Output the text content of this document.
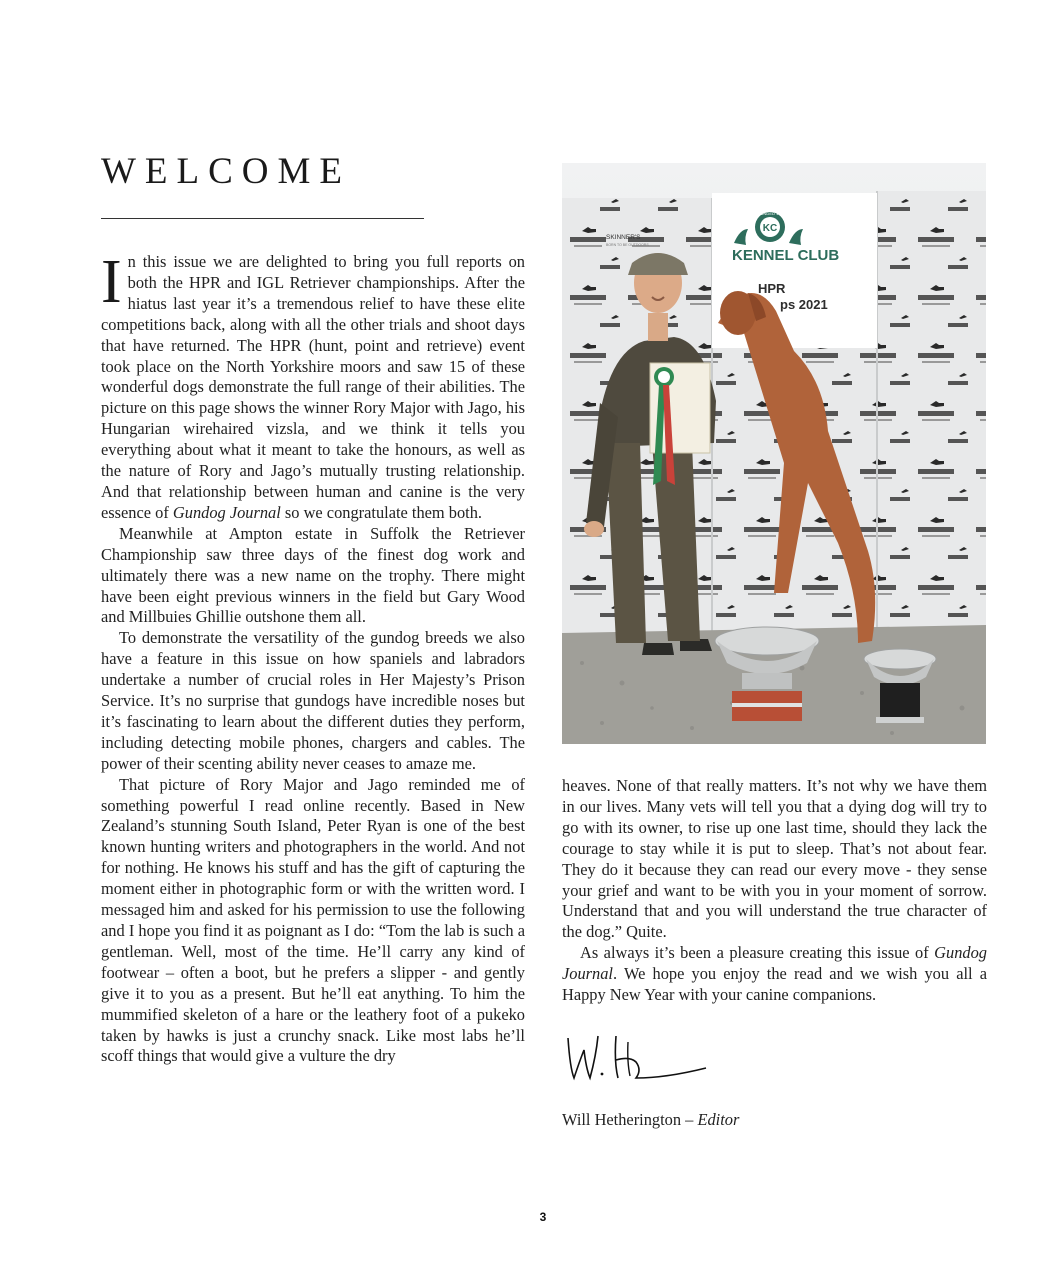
WELCOME

In this issue we are delighted to bring you full reports on both the HPR and IGL Retriever championships. After the hiatus last year it’s a tremendous relief to have these elite competitions back, along with all the other trials and shoot days that have returned. The HPR (hunt, point and retrieve) event took place on the North Yorkshire moors and saw 15 of these wonderful dogs demonstrate the full range of their abilities. The picture on this page shows the winner Rory Major with Jago, his Hungarian wirehaired vizsla, and we think it tells you everything about what it meant to take the honours, as well as the nature of Rory and Jago’s mutually trusting relationship. And that relationship between human and canine is the very essence of Gundog Journal so we congratulate them both.

Meanwhile at Ampton estate in Suffolk the Retriever Championship saw three days of the finest dog work and ultimately there was a new name on the trophy. There might have been eight previous winners in the field but Gary Wood and Millbuies Ghillie outshone them all.

To demonstrate the versatility of the gundog breeds we also have a feature in this issue on how spaniels and labradors undertake a number of crucial roles in Her Majesty’s Prison Service. It’s no surprise that gundogs have incredible noses but it’s fascinating to learn about the different duties they perform, including detecting mobile phones, chargers and cables. The power of their scenting ability never ceases to amaze me.

That picture of Rory Major and Jago reminded me of something powerful I read online recently. Based in New Zealand’s stunning South Island, Peter Ryan is one of the best known hunting writers and photographers in the world. And not for nothing. He knows his stuff and has the gift of capturing the moment either in photographic form or with the written word. I messaged him and asked for his permission to use the following and I hope you find it as poignant as I do: “Tom the lab is such a gentleman. Well, most of the time. He’ll carry any kind of footwear – often a boot, but he prefers a slipper - and gently give it to you as a present. But he’ll eat anything. To him the mummified skeleton of a hare or the leathery foot of a pukeko taken by hawks is just a crunchy snack. Like most labs he’ll scoff things that would give a vulture the dry

KC
FOUNDED 1873
KENNEL CLUB
HPR
ps 2021
SKINNER'S
BORN TO BE OUTDOORS

heaves. None of that really matters. It’s not why we have them in our lives. Many vets will tell you that a dying dog will try to go with its owner, to rise up one last time, should they lack the courage to stay while it is put to sleep. That’s not about fear. They do it because they can read our every move - they sense your grief and want to be with you in your moment of sorrow. Understand that and you will understand the true character of the dog.” Quite.

As always it’s been a pleasure creating this issue of Gundog Journal. We hope you enjoy the read and we wish you all a Happy New Year with your canine companions.

Will Hetherington – Editor
3
